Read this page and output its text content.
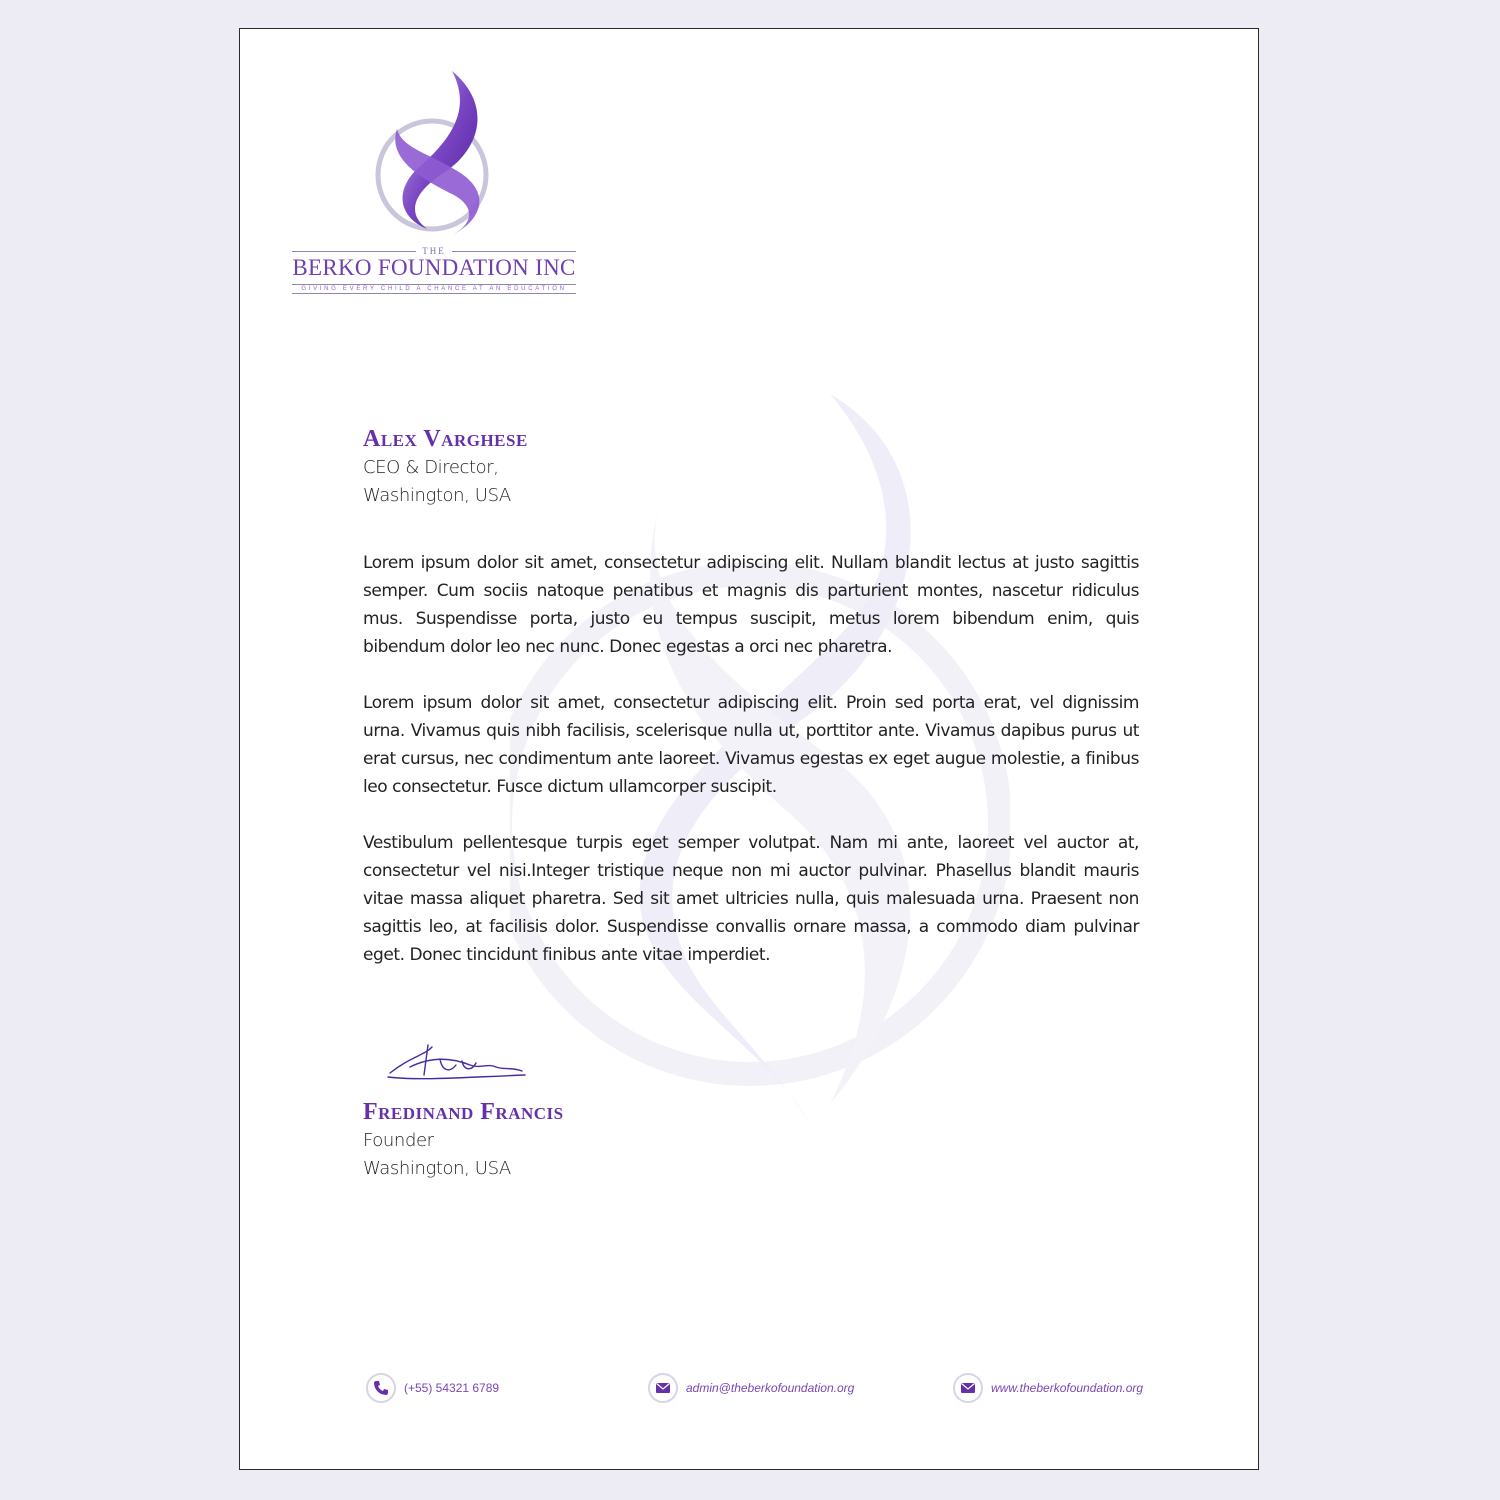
THE
BERKO FOUNDATION INC
GIVING EVERY CHILD A CHANCE AT AN EDUCATION
Alex Varghese
CEO & Director,
Washington, USA

Lorem ipsum dolor sit amet, consectetur adipiscing elit. Nullam blandit lectus at justo sagittis semper. Cum sociis natoque penatibus et magnis dis parturient montes, nascetur ridiculus mus. Suspendisse porta, justo eu tempus suscipit, metus lorem bibendum enim, quis bibendum dolor leo nec nunc. Donec egestas a orci nec pharetra.

Lorem ipsum dolor sit amet, consectetur adipiscing elit. Proin sed porta erat, vel dignissim urna. Vivamus quis nibh facilisis, scelerisque nulla ut, porttitor ante. Vivamus dapibus purus ut erat cursus, nec condimentum ante laoreet. Vivamus egestas ex eget augue molestie, a finibus leo consectetur. Fusce dictum ullamcorper suscipit.

Vestibulum pellentesque turpis eget semper volutpat. Nam mi ante, laoreet vel auctor at, consectetur vel nisi.Integer tristique neque non mi auctor pulvinar. Phasellus blandit mauris vitae massa aliquet pharetra. Sed sit amet ultricies nulla, quis malesuada urna. Praesent non sagittis leo, at facilisis dolor. Suspendisse convallis ornare massa, a commodo diam pulvinar eget. Donec tincidunt finibus ante vitae imperdiet.

Fredinand Francis
Founder
Washington, USA
(+55) 54321 6789	admin@theberkofoundation.org	www.theberkofoundation.org
